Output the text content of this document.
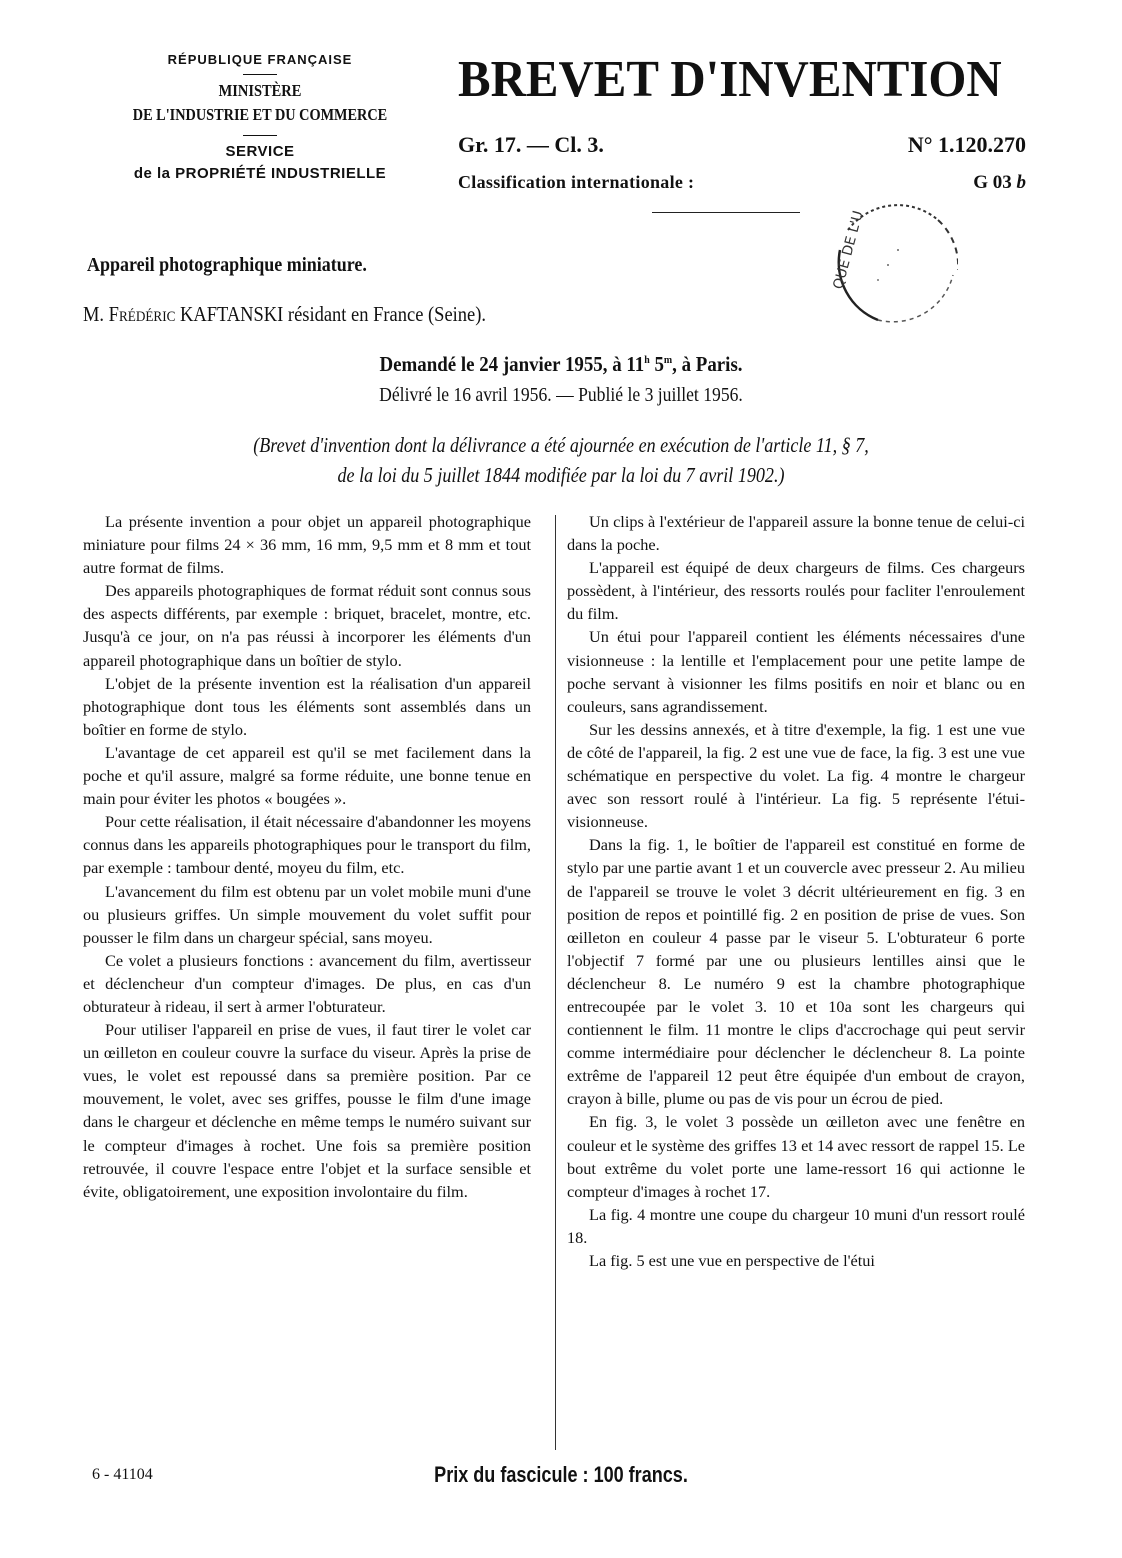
RÉPUBLIQUE FRANÇAISE
MINISTÈRE
DE L'INDUSTRIE ET DU COMMERCE
SERVICE
de la PROPRIÉTÉ INDUSTRIELLE
BREVET D'INVENTION
Gr. 17. — Cl. 3.	N° 1.120.270
Classification internationale :	G 03 b
QUE DE L'U
Appareil photographique miniature.
M. Frédéric KAFTANSKI résidant en France (Seine).
Demandé le 24 janvier 1955, à 11$^h$ 5$^m$, à Paris.
Délivré le 16 avril 1956. — Publié le 3 juillet 1956.
(Brevet d'invention dont la délivrance a été ajournée en exécution de l'article 11, § 7,
de la loi du 5 juillet 1844 modifiée par la loi du 7 avril 1902.)

La présente invention a pour objet un appareil photographique miniature pour films 24 × 36 mm, 16 mm, 9,5 mm et 8 mm et tout autre format de films.

Des appareils photographiques de format réduit sont connus sous des aspects différents, par exemple : briquet, bracelet, montre, etc. Jusqu'à ce jour, on n'a pas réussi à incorporer les éléments d'un appareil photographique dans un boîtier de stylo.

L'objet de la présente invention est la réalisation d'un appareil photographique dont tous les éléments sont assemblés dans un boîtier en forme de stylo.

L'avantage de cet appareil est qu'il se met facilement dans la poche et qu'il assure, malgré sa forme réduite, une bonne tenue en main pour éviter les photos « bougées ».

Pour cette réalisation, il était nécessaire d'abandonner les moyens connus dans les appareils photographiques pour le transport du film, par exemple : tambour denté, moyeu du film, etc.

L'avancement du film est obtenu par un volet mobile muni d'une ou plusieurs griffes. Un simple mouvement du volet suffit pour pousser le film dans un chargeur spécial, sans moyeu.

Ce volet a plusieurs fonctions : avancement du film, avertisseur et déclencheur d'un compteur d'images. De plus, en cas d'un obturateur à rideau, il sert à armer l'obturateur.

Pour utiliser l'appareil en prise de vues, il faut tirer le volet car un œilleton en couleur couvre la surface du viseur. Après la prise de vues, le volet est repoussé dans sa première position. Par ce mouvement, le volet, avec ses griffes, pousse le film d'une image dans le chargeur et déclenche en même temps le numéro suivant sur le compteur d'images à rochet. Une fois sa première position retrouvée, il couvre l'espace entre l'objet et la surface sensible et évite, obligatoirement, une exposition involontaire du film.

Un clips à l'extérieur de l'appareil assure la bonne tenue de celui-ci dans la poche.

L'appareil est équipé de deux chargeurs de films. Ces chargeurs possèdent, à l'intérieur, des ressorts roulés pour facliter l'enroulement du film.

Un étui pour l'appareil contient les éléments nécessaires d'une visionneuse : la lentille et l'emplacement pour une petite lampe de poche servant à visionner les films positifs en noir et blanc ou en couleurs, sans agrandissement.

Sur les dessins annexés, et à titre d'exemple, la fig. 1 est une vue de côté de l'appareil, la fig. 2 est une vue de face, la fig. 3 est une vue schématique en perspective du volet. La fig. 4 montre le chargeur avec son ressort roulé à l'intérieur. La fig. 5 représente l'étui-visionneuse.

Dans la fig. 1, le boîtier de l'appareil est constitué en forme de stylo par une partie avant 1 et un couvercle avec presseur 2. Au milieu de l'appareil se trouve le volet 3 décrit ultérieurement en fig. 3 en position de repos et pointillé fig. 2 en position de prise de vues. Son œilleton en couleur 4 passe par le viseur 5. L'obturateur 6 porte l'objectif 7 formé par une ou plusieurs lentilles ainsi que le déclencheur 8. Le numéro 9 est la chambre photographique entrecoupée par le volet 3. 10 et 10a sont les chargeurs qui contiennent le film. 11 montre le clips d'accrochage qui peut servir comme intermédiaire pour déclencher le déclencheur 8. La pointe extrême de l'appareil 12 peut être équipée d'un embout de crayon, crayon à bille, plume ou pas de vis pour un écrou de pied.

En fig. 3, le volet 3 possède un œilleton avec une fenêtre en couleur et le système des griffes 13 et 14 avec ressort de rappel 15. Le bout extrême du volet porte une lame-ressort 16 qui actionne le compteur d'images à rochet 17.

La fig. 4 montre une coupe du chargeur 10 muni d'un ressort roulé 18.

La fig. 5 est une vue en perspective de l'étui

6 - 41104	Prix du fascicule : 100 francs.
